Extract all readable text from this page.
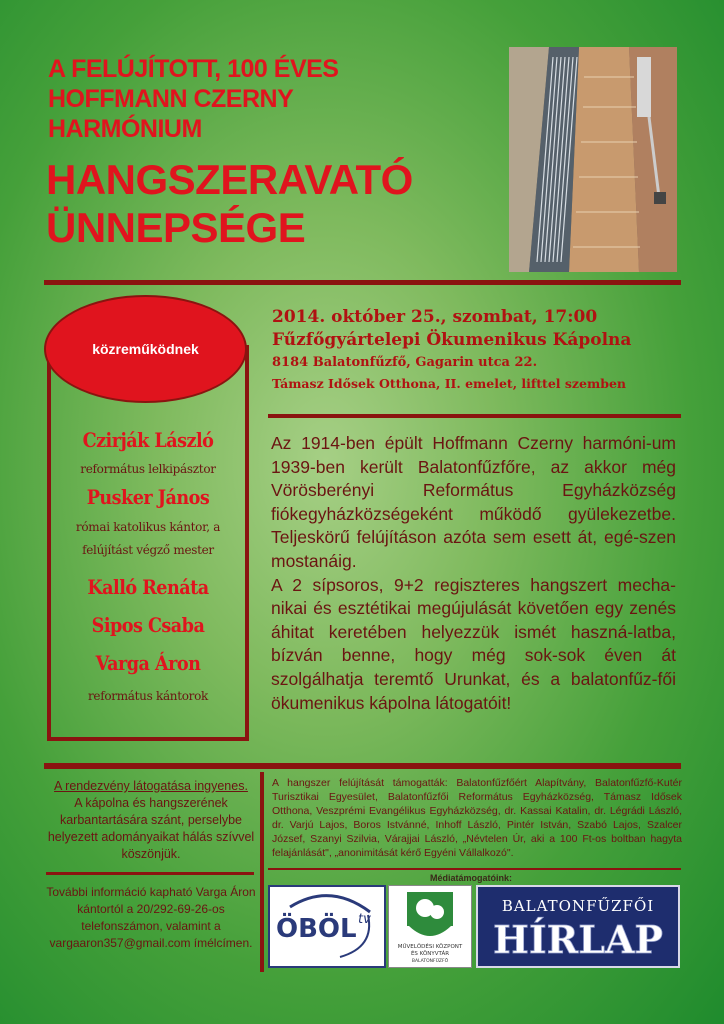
A FELÚJÍTOTT, 100 ÉVES
HOFFMANN CZERNY
HARMÓNIUM
HANGSZERAVATÓ
ÜNNEPSÉGE
közreműködnek
Czirják László
református lelkipásztor
Pusker János
római katolikus kántor, a felújítást végző mester
Kalló Renáta
Sipos Csaba
Varga Áron
református kántorok
2014. október 25., szombat, 17:00
Fűzfőgyártelepi Ökumenikus Kápolna
8184 Balatonfűzfő, Gagarin utca 22.
Támasz Idősek Otthona, II. emelet, lifttel szemben

Az 1914-ben épült Hoffmann Czerny harmóni-um 1939-ben került Balatonfűzfőre, az akkor még Vörösberényi Református Egyházközség fiókegyházközségeként működő gyülekezetbe. Teljeskörű felújításon azóta sem esett át, egé-szen mostanáig.

A 2 sípsoros, 9+2 regiszteres hangszert mecha-nikai és esztétikai megújulását követően egy zenés áhitat keretében helyezzük ismét haszná-latba, bízván benne, hogy még sok-sok éven át szolgálhatja teremtő Urunkat, és a balatonfűz-fői ökumenikus kápolna látogatóit!

A rendezvény látogatása ingyenes.
A kápolna és hangszerének karbantartására szánt, perselybe helyezett adományaikat hálás szívvel köszönjük.
További információ kapható Varga Áron kántortól a 20/292-69-26-os telefonszámon, valamint a vargaaron357@gmail.com ímélcímen.
A hangszer felújítását támogatták: Balatonfűzfőért Alapítvány, Balatonfűzfő-Kutér Turisztikai Egyesület, Balatonfűzfői Református Egyházközség, Támasz Idősek Otthona, Veszprémi Evangélikus Egyházközség, dr. Kassai Katalin, dr. Légrádi László, dr. Varjú Lajos, Boros Istvánné, Inhoff László, Pintér István, Szabó Lajos, Szalcer József, Szanyi Szilvia, Várajjai László, „Névtelen Úr, aki a 100 Ft-os boltban hagyta felajánlását", „anonimitását kérő Egyéni Vállalkozó".
Médiatámogatóink:
ÖBÖL tv
MŰVELŐDÉSI KÖZPONT
ÉS KÖNYVTÁR
BALATONFŰZFŐ
BALATONFŰZFŐI
HÍRLAP
